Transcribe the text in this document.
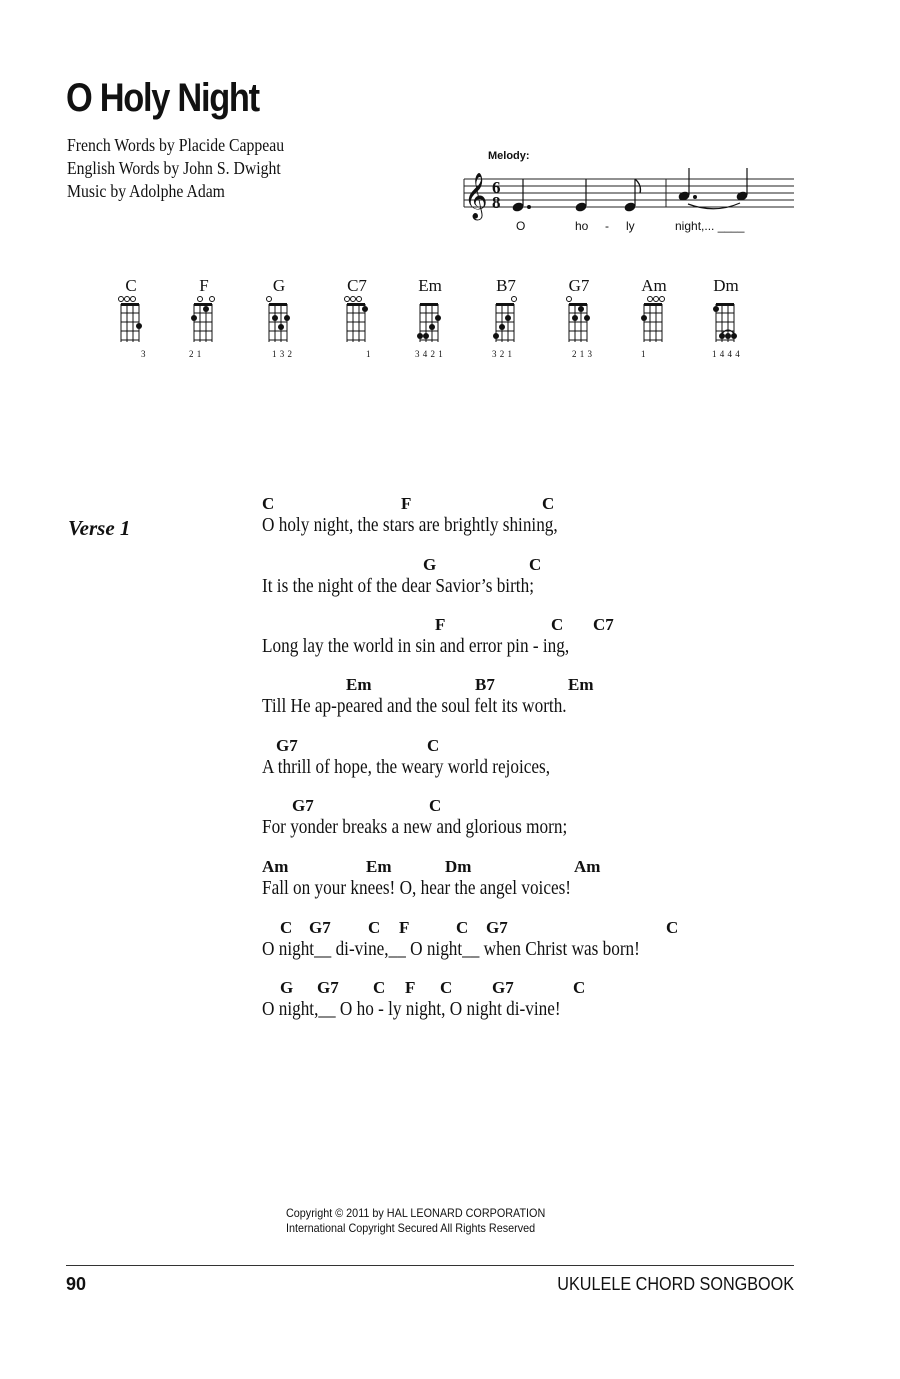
O Holy Night
French Words by Placide Cappeau
English Words by John S. Dwight
Music by Adolphe Adam
Melody:
𝄞 6
8
O	ho - ly	night,... ____
C
3
F
2 1
G
1 3 2
C7
1
Em
3 4 2 1
B7
3 2 1
G7
2 1 3
Am
1
Dm
1 4 4 4
Verse 1
C	F	C
O holy night, the stars are brightly shining,
G	C
It is the night of the dear Savior’s birth;
F	C C7
Long lay the world in sin and error pin - ing,
Em	B7	Em
Till He ap-peared and the soul felt its worth.
G7	C
A thrill of hope, the weary world rejoices,
G7	C
For yonder breaks a new and glorious morn;
Am	Em	Dm	Am
Fall on your knees! O, hear the angel voices!
C G7 C F	C G7	C
O night__ di-vine,__ O night__ when Christ was born!
G G7 C F C G7	C
O night,__ O ho - ly night, O night di-vine!
Copyright © 2011 by HAL LEONARD CORPORATION
International Copyright Secured All Rights Reserved
90	UKULELE CHORD SONGBOOK
